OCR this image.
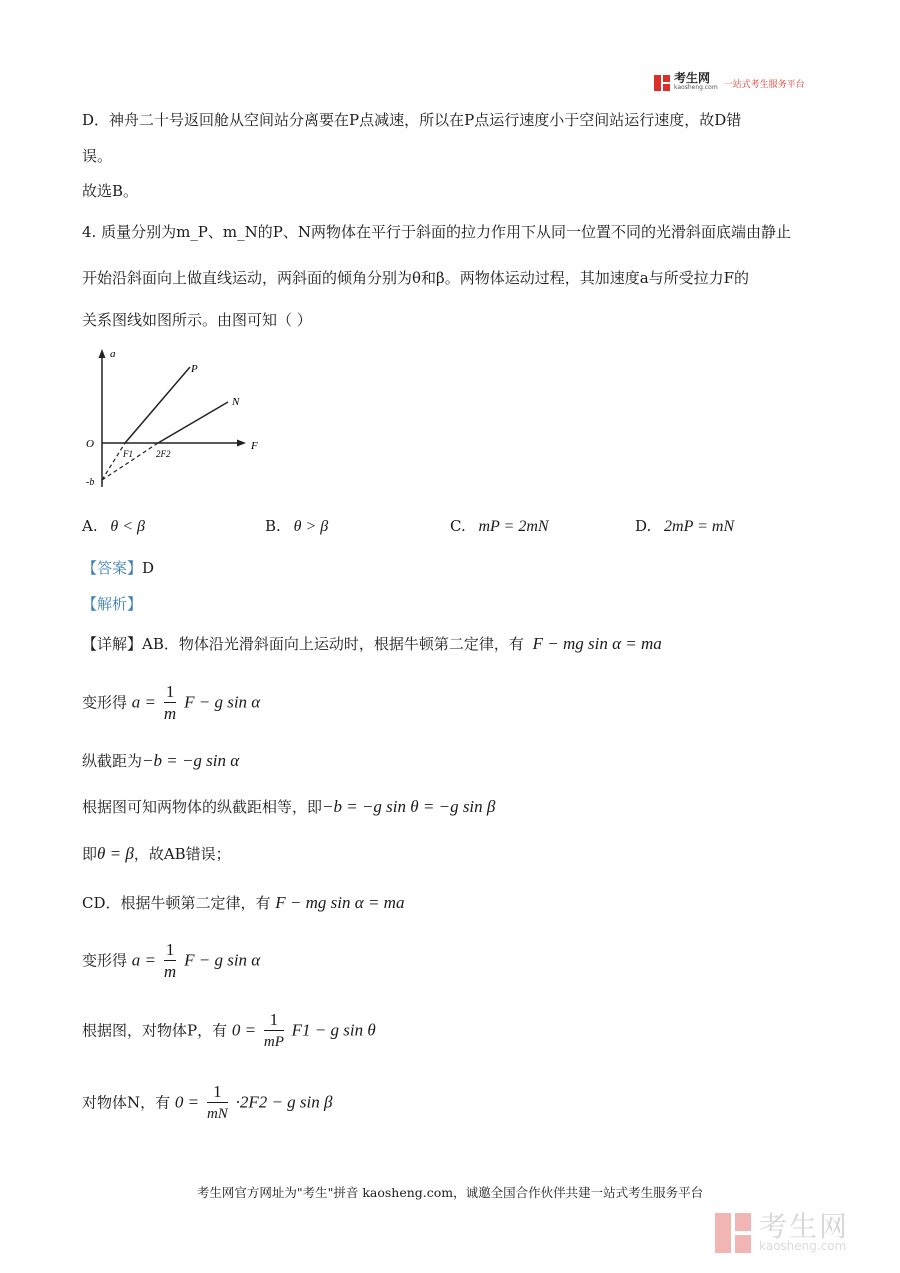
考生网
kaosheng.com 一站式考生服务平台
D．神舟二十号返回舱从空间站分离要在P点减速，所以在P点运行速度小于空间站运行速度，故D错
误。
故选B。
4. 质量分别为m_P、m_N的P、N两物体在平行于斜面的拉力作用下从同一位置不同的光滑斜面底端由静止
开始沿斜面向上做直线运动，两斜面的倾角分别为θ和β。两物体运动过程，其加速度a与所受拉力F的
关系图线如图所示。由图可知（ ）
a
F
O
-b
P
N
F1	2F2
A. θ < β	B. θ > β	C. mP = 2mN	D. 2mP = mN
【答案】D
【解析】
【详解】AB．物体沿光滑斜面向上运动时，根据牛顿第二定律，有 F − mg sin α = ma
变形得 $a = \frac{1}{m}$ F − g sin α
纵截距为−b = −g sin α
根据图可知两物体的纵截距相等，即−b = −g sin θ = −g sin β
即θ = β，故AB错误；
CD．根据牛顿第二定律，有 F − mg sin α = ma
变形得 $a = \frac{1}{m}$ F − g sin α
根据图，对物体P，有 $0 = \frac{1}{mP} F1 - g$ sin θ
对物体N，有 $0 = \frac{1}{mN} \cdot 2F2 - g$ sin β
考生网官方网址为"考生"拼音 kaosheng.com，诚邀全国合作伙伴共建一站式考生服务平台
考生网
kaosheng.com
